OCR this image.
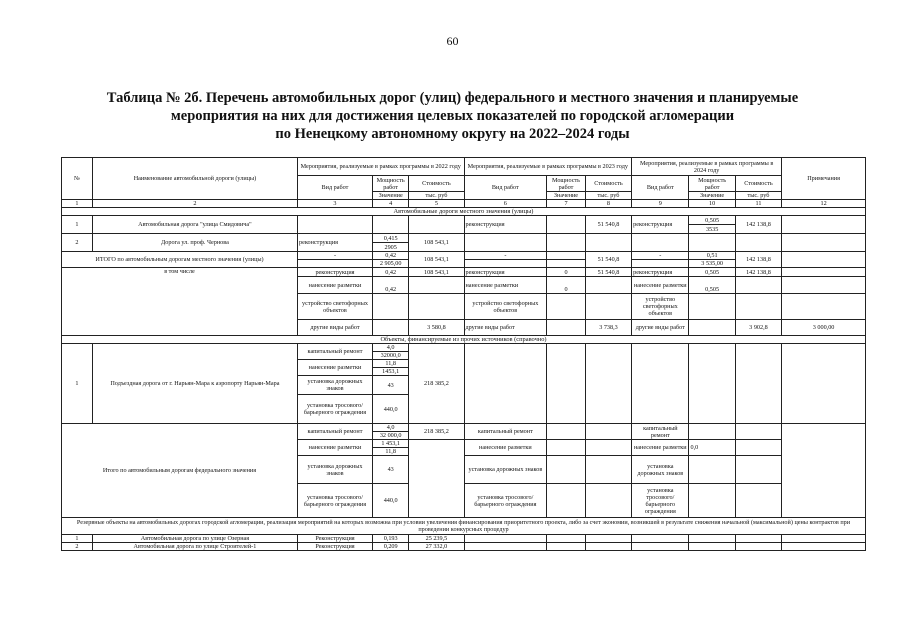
60
Таблица № 2б. Перечень автомобильных дорог (улиц) федерального и местного значения и планируемые
мероприятия на них для достижения целевых показателей по городской агломерации
по Ненецкому автономному округу на 2022–2024 годы
№	Наименование автомобильной дороги (улицы)	Мероприятия, реализуемые в рамках программы в 2022 году			Мероприятия, реализуемые в рамках программы в 2023 году			Мероприятия, реализуемые в рамках программы в 2024 году			Примечания
		Вид работ	Мощность работ	Стоимость	Вид работ	Мощность работ	Стоимость	Вид работ	Мощность работ	Стоимость	
			Значение	тыс. руб		Значение	тыс. руб		Значение	тыс. руб	
1	2	3	4	5	6	7	8	9	10	11	12
Автомобильные дороги местного значения (улицы)											
1	Автомобильная дорога "улица Смидовича"				реконструкция		51 540,8	реконструкция	0,505	142 138,8	
									3535		
2	Дорога ул. проф. Чернова	реконструкция	0,415	108 543,1							
			2905								
ИТОГО по автомобильным дорогам местного значения (улицы)		-	0,42	108 543,1	-		51 540,8	-	0,51	142 138,8	
			2 905,00						3 535,00		
в том числе		реконструкция	0,42	108 543,1	реконструкция	0	51 540,8	реконструкция	0,505	142 138,8	
		нанесение разметки	0,42		нанесение разметки	0		нанесение разметки	0,505		
		устройство светофорных объектов			устройство светофорных объектов			устройство светофорных объектов			
		другие виды работ		3 580,8	другие виды работ		3 738,3	другие виды работ		3 902,8	3 000,00
Объекты, финансируемые из прочих источников (справочно)											
1	Подъездная дорога от г. Нарьян-Мара к аэропорту Нарьян-Мара	капитальный ремонт	4,0	218 385,2							
			32000,0								
		нанесение разметки	11,8								
			1453,1								
		установка дорожных знаков	43								
		установка тросового/барьерного ограждения	440,0								
Итого по автомобильным дорогам федерального значения		капитальный ремонт	4,0	218 385,2	капитальный ремонт			капитальный ремонт			
			32 000,0								
		нанесение разметки	1 453,1		нанесение разметки			нанесение разметки	0,0		
			11,8								
		установка дорожных знаков	43		установка дорожных знаков			установка дорожных знаков			
		установка тросового/барьерного ограждения	440,0		установка тросового/барьерного ограждения			установка тросового/барьерного ограждения			
Резервные объекты на автомобильных дорогах городской агломерации, реализация мероприятий на которых возможна при условии увеличения финансирования приоритетного проекта, либо за счет экономии, возникшей в результате снижения начальной (максимальной) цены контрактов при проведении конкурсных процедур											
1	Автомобильная дорога по улице Озерная	Реконструкция	0,193	25 239,5							
2	Автомобильная дорога по улице Строителей-1	Реконструкция	0,209	27 332,0							
